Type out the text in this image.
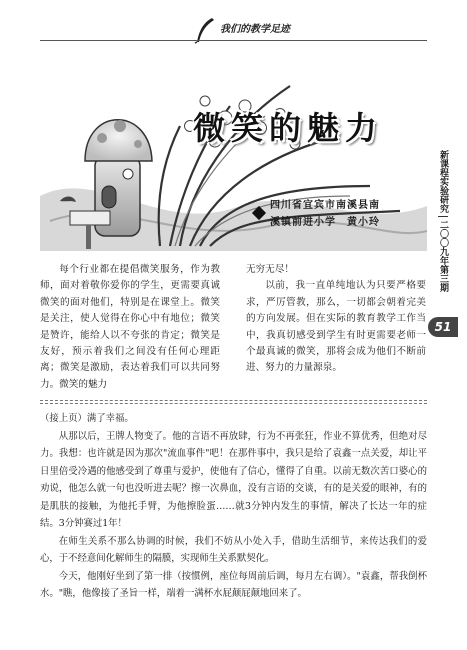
我们的教学足迹
微笑的魅力
四川省宜宾市南溪县南
溪镇前进小学　黄小玲
新课程实验研究
二〇〇九年
第三期
51

每个行业都在提倡微笑服务，作为教师，面对着敬你爱你的学生，更需要真诚微笑的面对他们，特别是在课堂上。微笑是关注，使人觉得在你心中有地位；微笑是赞许，能给人以不夸张的肯定；微笑是友好，预示着我们之间没有任何心理距离；微笑是激励，表达着我们可以共同努力。微笑的魅力

无穷无尽！

以前，我一直单纯地认为只要严格要求，严厉管教，那么，一切都会朝着完美的方向发展。但在实际的教育教学工作当中，我真切感受到学生有时更需要老师一个最真诚的微笑，那将会成为他们不断前进、努力的力量源泉。

（接上页）满了幸福。

从那以后，王牌人物变了。他的言语不再放肆，行为不再张狂，作业不算优秀，但绝对尽力。我想：也许就是因为那次"流血事件"吧！在那件事中，我只是给了袁鑫一点关爱，却让平日里倍受冷遇的他感受到了尊重与爱护，使他有了信心，懂得了自重。以前无数次苦口婆心的劝说，他怎么就一句也没听进去呢？擦一次鼻血，没有言语的交谈，有的是关爱的眼神，有的是肌肤的接触，为他托手臂，为他擦脸蛋……就3分钟内发生的事情，解决了长达一年的症结。3分钟赛过1年！

在师生关系不那么协调的时候，我们不妨从小处入手，借助生活细节，来传达我们的爱心，于不经意间化解师生的隔膜，实现师生关系默契化。

今天，他刚好坐到了第一排（按惯例，座位每周前后调，每月左右调）。"袁鑫，帮我倒杯水。"瞧，他像接了圣旨一样，端着一满杯水屁颠屁颠地回来了。
